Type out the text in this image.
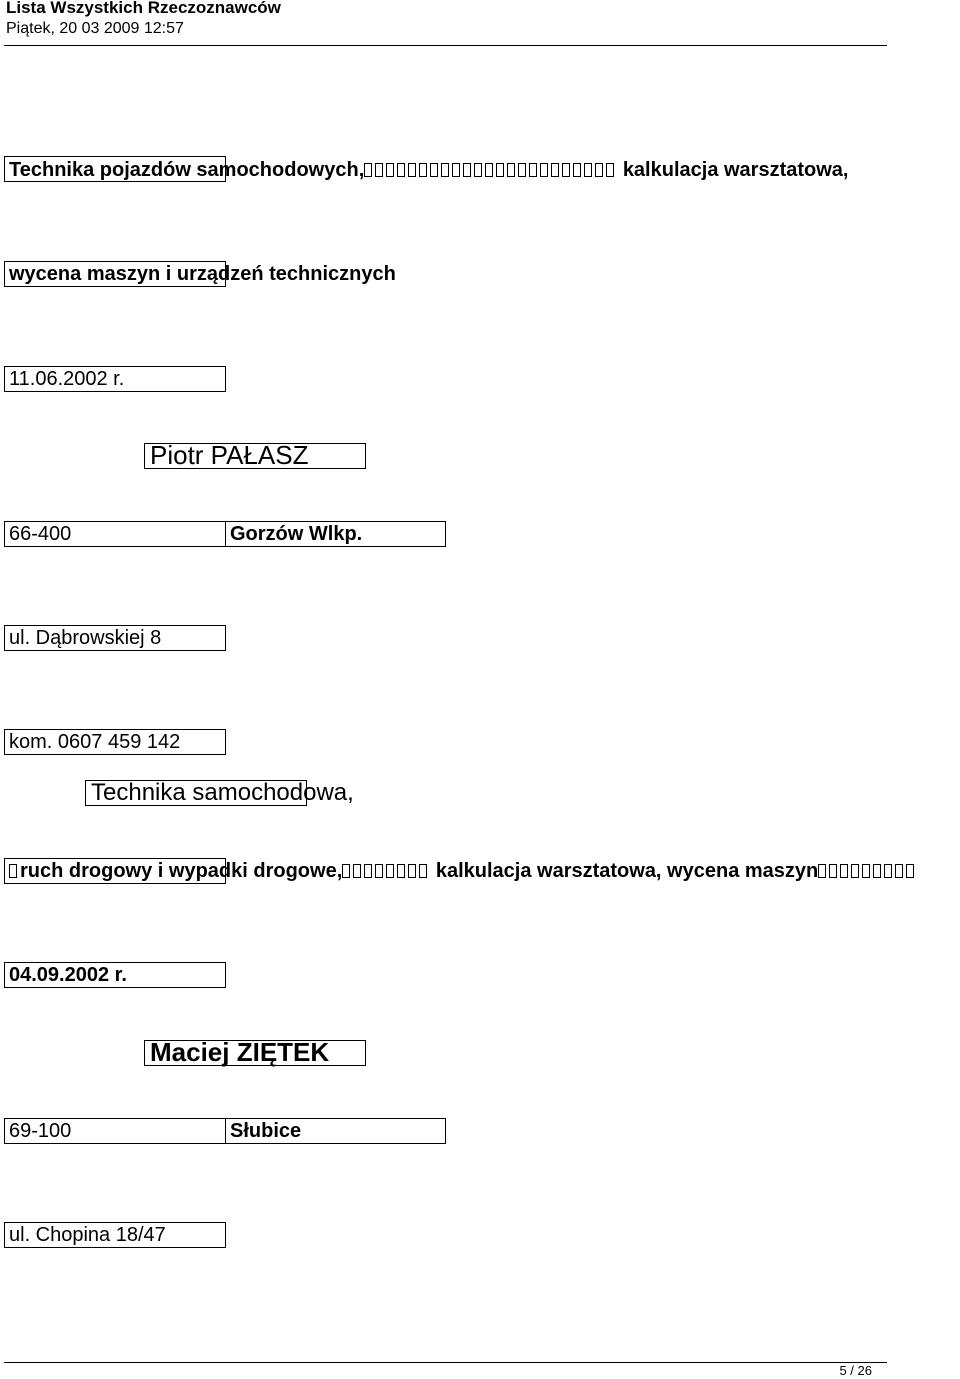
Lista Wszystkich Rzeczoznawców
Piątek, 20 03 2009 12:57
Technika pojazdów samochodowych,	kalkulacja warsztatowa,
wycena maszyn i urządzeń technicznych
11.06.2002 r.
Piotr PAŁASZ
66-400	Gorzów Wlkp.
ul. Dąbrowskiej 8
kom. 0607 459 142
Technika samochodowa,
ruch drogowy i wypadki drogowe,	kalkulacja warsztatowa, wycena maszyn
04.09.2002 r.
Maciej ZIĘTEK
69-100	Słubice
ul. Chopina 18/47
5 / 26
